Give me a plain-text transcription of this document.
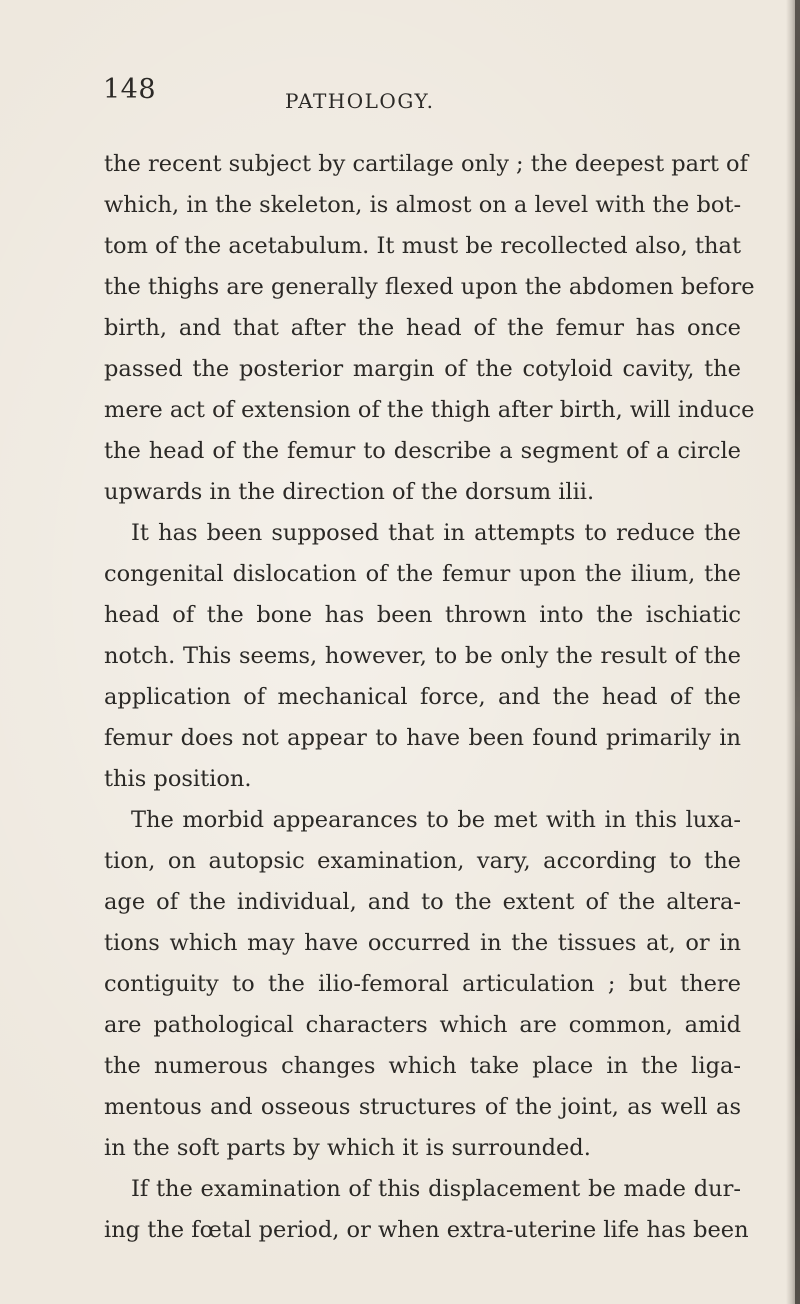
148	PATHOLOGY.
the recent subject by cartilage only ; the deepest part of
which, in the skeleton, is almost on a level with the bot-
tom of the acetabulum. It must be recollected also, that
the thighs are generally flexed upon the abdomen before
birth, and that after the head of the femur has once
passed the posterior margin of the cotyloid cavity, the
mere act of extension of the thigh after birth, will induce
the head of the femur to describe a segment of a circle
upwards in the direction of the dorsum ilii.
It has been supposed that in attempts to reduce the
congenital dislocation of the femur upon the ilium, the
head of the bone has been thrown into the ischiatic
notch. This seems, however, to be only the result of the
application of mechanical force, and the head of the
femur does not appear to have been found primarily in
this position.
The morbid appearances to be met with in this luxa-
tion, on autopsic examination, vary, according to the
age of the individual, and to the extent of the altera-
tions which may have occurred in the tissues at, or in
contiguity to the ilio-femoral articulation ; but there
are pathological characters which are common, amid
the numerous changes which take place in the liga-
mentous and osseous structures of the joint, as well as
in the soft parts by which it is surrounded.
If the examination of this displacement be made dur-
ing the fœtal period, or when extra-uterine life has been
